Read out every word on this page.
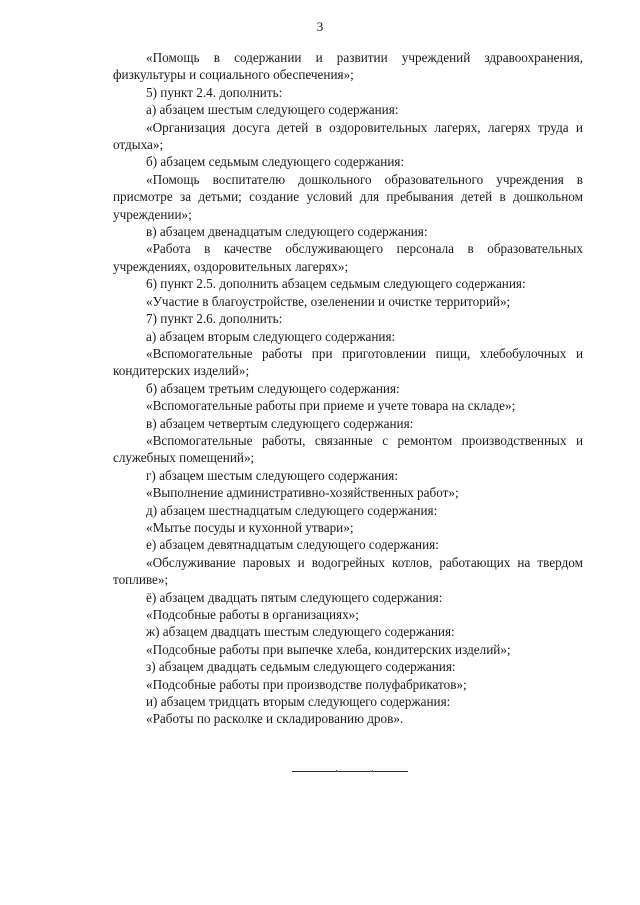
3

«Помощь в содержании и развитии учреждений здравоохранения, физкультуры и социального обеспечения»;

5) пункт 2.4. дополнить:

а) абзацем шестым следующего содержания:

«Организация досуга детей в оздоровительных лагерях, лагерях труда и отдыха»;

б) абзацем седьмым следующего содержания:

«Помощь воспитателю дошкольного образовательного учреждения в присмотре за детьми; создание условий для пребывания детей в дошкольном учреждении»;

в) абзацем двенадцатым следующего содержания:

«Работа в качестве обслуживающего персонала в образовательных учреждениях, оздоровительных лагерях»;

6) пункт 2.5. дополнить абзацем седьмым следующего содержания:

«Участие в благоустройстве, озеленении и очистке территорий»;

7) пункт 2.6. дополнить:

а) абзацем вторым следующего содержания:

«Вспомогательные работы при приготовлении пищи, хлебобулочных и кондитерских изделий»;

б) абзацем третьим следующего содержания:

«Вспомогательные работы при приеме и учете товара на складе»;

в) абзацем четвертым следующего содержания:

«Вспомогательные работы, связанные с ремонтом производственных и служебных помещений»;

г) абзацем шестым следующего содержания:

«Выполнение административно-хозяйственных работ»;

д) абзацем шестнадцатым следующего содержания:

«Мытье посуды и кухонной утвари»;

е) абзацем девятнадцатым следующего содержания:

«Обслуживание паровых и водогрейных котлов, работающих на твердом топливе»;

ё) абзацем двадцать пятым следующего содержания:

«Подсобные работы в организациях»;

ж) абзацем двадцать шестым следующего содержания:

«Подсобные работы при выпечке хлеба, кондитерских изделий»;

з) абзацем двадцать седьмым следующего содержания:

«Подсобные работы при производстве полуфабрикатов»;

и) абзацем тридцать вторым следующего содержания:

«Работы по расколке и складированию дров».
